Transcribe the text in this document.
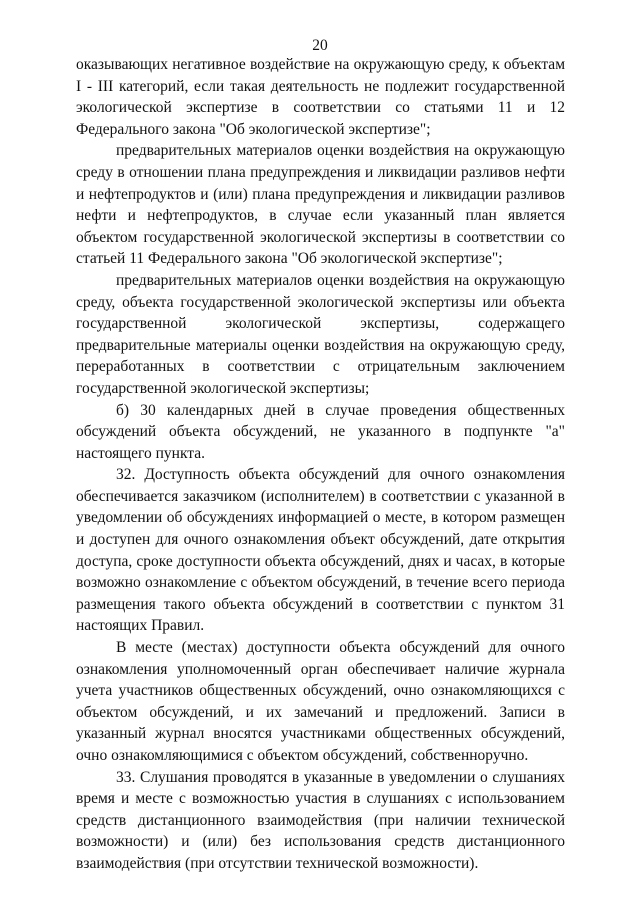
20

оказывающих негативное воздействие на окружающую среду, к объектам I - III категорий, если такая деятельность не подлежит государственной экологической экспертизе в соответствии со статьями 11 и 12 Федерального закона "Об экологической экспертизе";

предварительных материалов оценки воздействия на окружающую среду в отношении плана предупреждения и ликвидации разливов нефти и нефтепродуктов и (или) плана предупреждения и ликвидации разливов нефти и нефтепродуктов, в случае если указанный план является объектом государственной экологической экспертизы в соответствии со статьей 11 Федерального закона "Об экологической экспертизе";

предварительных материалов оценки воздействия на окружающую среду, объекта государственной экологической экспертизы или объекта государственной экологической экспертизы, содержащего предварительные материалы оценки воздействия на окружающую среду, переработанных в соответствии с отрицательным заключением государственной экологической экспертизы;

б) 30 календарных дней в случае проведения общественных обсуждений объекта обсуждений, не указанного в подпункте "а" настоящего пункта.

32. Доступность объекта обсуждений для очного ознакомления обеспечивается заказчиком (исполнителем) в соответствии с указанной в уведомлении об обсуждениях информацией о месте, в котором размещен и доступен для очного ознакомления объект обсуждений, дате открытия доступа, сроке доступности объекта обсуждений, днях и часах, в которые возможно ознакомление с объектом обсуждений, в течение всего периода размещения такого объекта обсуждений в соответствии с пунктом 31 настоящих Правил.

В месте (местах) доступности объекта обсуждений для очного ознакомления уполномоченный орган обеспечивает наличие журнала учета участников общественных обсуждений, очно ознакомляющихся с объектом обсуждений, и их замечаний и предложений. Записи в указанный журнал вносятся участниками общественных обсуждений, очно ознакомляющимися с объектом обсуждений, собственноручно.

33. Слушания проводятся в указанные в уведомлении о слушаниях время и месте с возможностью участия в слушаниях с использованием средств дистанционного взаимодействия (при наличии технической возможности) и (или) без использования средств дистанционного взаимодействия (при отсутствии технической возможности).
